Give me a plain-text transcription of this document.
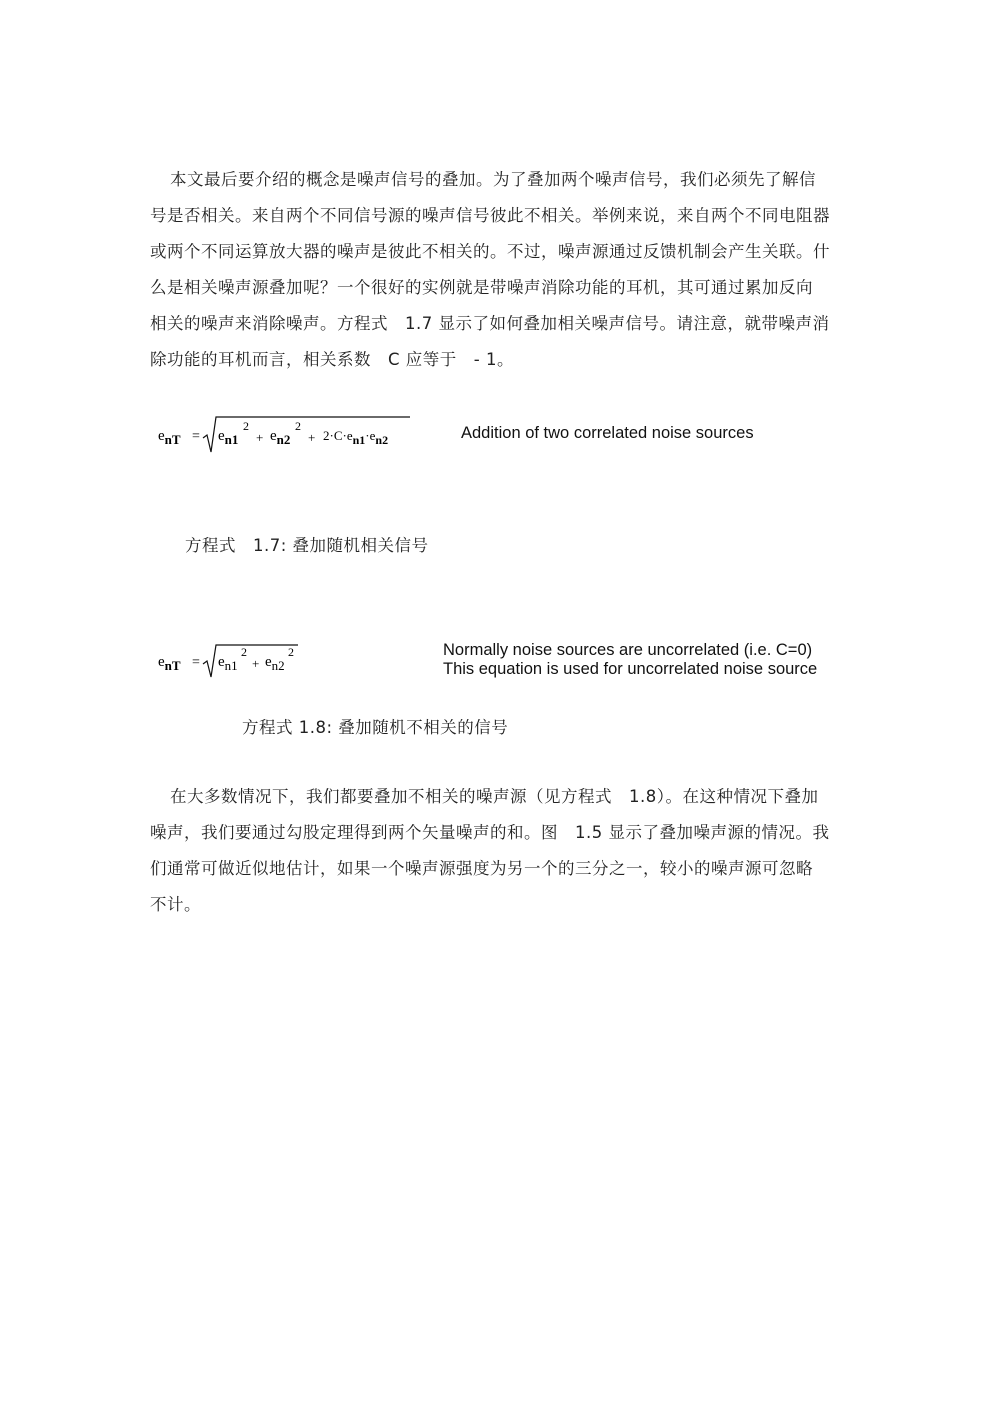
本文最后要介绍的概念是噪声信号的叠加。为了叠加两个噪声信号，我们必须先了解信
号是否相关。来自两个不同信号源的噪声信号彼此不相关。举例来说，来自两个不同电阻器
或两个不同运算放大器的噪声是彼此不相关的。不过，噪声源通过反馈机制会产生关联。什
么是相关噪声源叠加呢？一个很好的实例就是带噪声消除功能的耳机，其可通过累加反向
相关的噪声来消除噪声。方程式　1.7 显示了如何叠加相关噪声信号。请注意，就带噪声消
除功能的耳机而言，相关系数　C 应等于　- 1。
enT = en1
2
+ en2
2
+ 2·C·en1·en2	Addition of two correlated noise sources
方程式　1.7: 叠加随机相关信号
enT = en1
2
+ en2
2	Normally noise sources are uncorrelated (i.e. C=0)
This equation is used for uncorrelated noise source
方程式 1.8: 叠加随机不相关的信号
在大多数情况下，我们都要叠加不相关的噪声源（见方程式　1.8）。在这种情况下叠加
噪声，我们要通过勾股定理得到两个矢量噪声的和。图　1.5 显示了叠加噪声源的情况。我
们通常可做近似地估计，如果一个噪声源强度为另一个的三分之一，较小的噪声源可忽略
不计。
